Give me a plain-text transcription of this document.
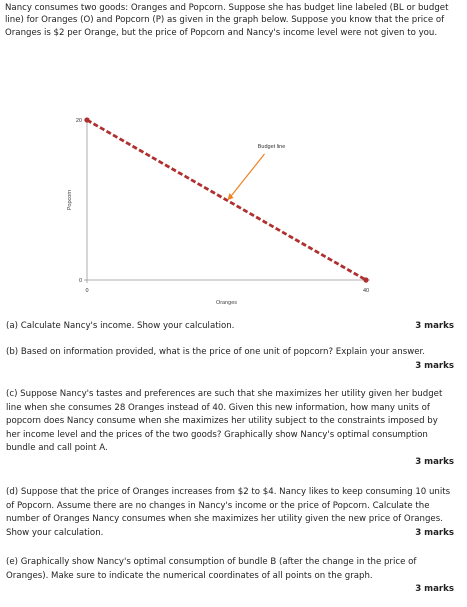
Nancy consumes two goods: Oranges and Popcorn. Suppose she has budget line labeled (BL or budget line) for Oranges (O) and Popcorn (P) as given in the graph below. Suppose you know that the price of Oranges is $2 per Orange, but the price of Popcorn and Nancy's income level were not given to you.
0
20
0	40
Oranges
Popcorn
Budget line
3 marks
(a) Calculate Nancy's income. Show your calculation.
(b) Based on information provided, what is the price of one unit of popcorn? Explain your answer.
3 marks
(c) Suppose Nancy's tastes and preferences are such that she maximizes her utility given her budget line when she consumes 28 Oranges instead of 40. Given this new information, how many units of popcorn does Nancy consume when she maximizes her utility subject to the constraints imposed by her income level and the prices of the two goods? Graphically show Nancy's optimal consumption bundle and call point A.
3 marks
(d) Suppose that the price of Oranges increases from $2 to $4. Nancy likes to keep consuming 10 units of Popcorn. Assume there are no changes in Nancy's income or the price of Popcorn. Calculate the number of Oranges Nancy consumes when she maximizes her utility given the new price of Oranges. Show your calculation.	3 marks
(e) Graphically show Nancy's optimal consumption of bundle B (after the change in the price of Oranges). Make sure to indicate the numerical coordinates of all points on the graph.
3 marks
